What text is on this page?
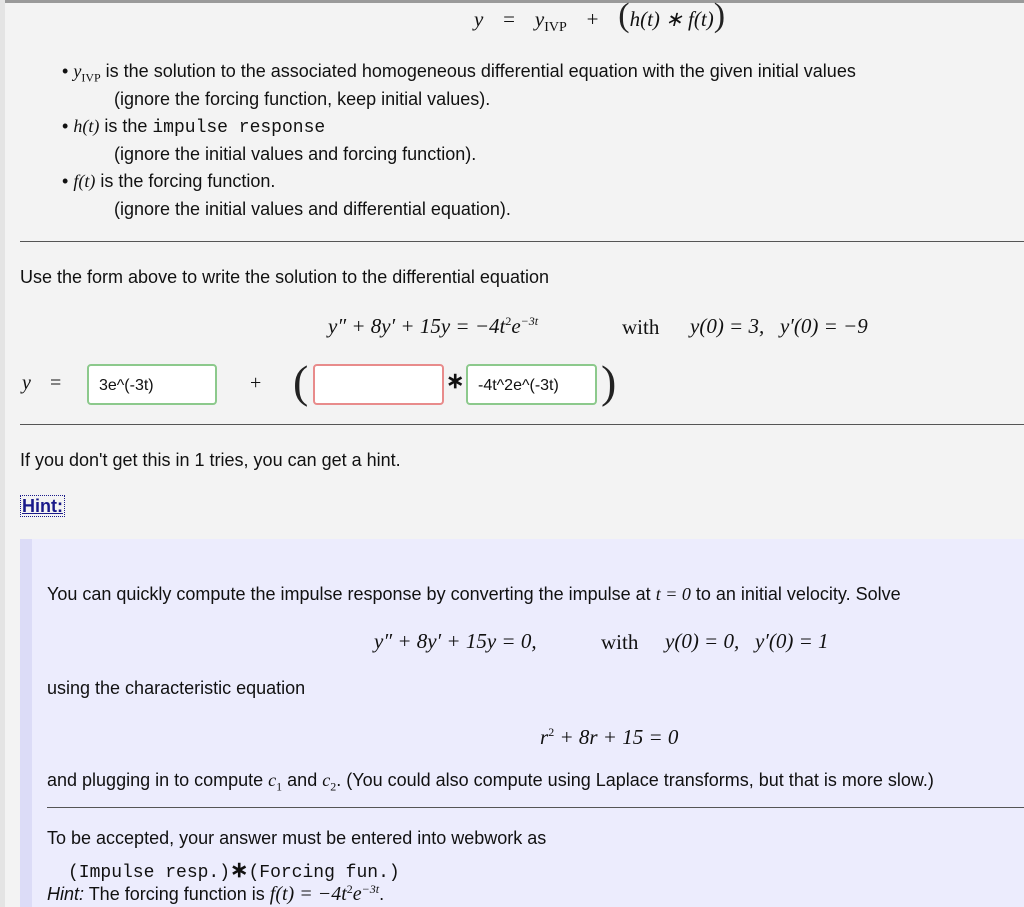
$y = y_{IVP} + (h(t)$ ∗ f(t))
• $y_{IVP}$ is the solution to the associated homogeneous differential equation with the given initial values
(ignore the forcing function, keep initial values).
• h(t) is the impulse response
(ignore the initial values and forcing function).
• f(t) is the forcing function.
(ignore the initial values and differential equation).
Use the form above to write the solution to the differential equation
$y'' + 8y' + 15y = -4t^2e^{-3t}$	with y(0) = 3,   y′(0) = −9
y =	3e^(-3t)	+ (	∗ -4t^2e^(-3t) )
If you don't get this in 1 tries, you can get a hint.
Hint:
You can quickly compute the impulse response by converting the impulse at t = 0 to an initial velocity. Solve
y″ + 8y′ + 15y = 0,	with y(0) = 0,   y′(0) = 1
using the characteristic equation
$r^2 + 8r + 15 = 0$
and plugging in to compute $c_1$ and $c_2$. (You could also compute using Laplace transforms, but that is more slow.)
To be accepted, your answer must be entered into webwork as
(Impulse resp.)∗(Forcing fun.)
Hint: The forcing function is $f(t) = -4t^2e^{-3t}$.
